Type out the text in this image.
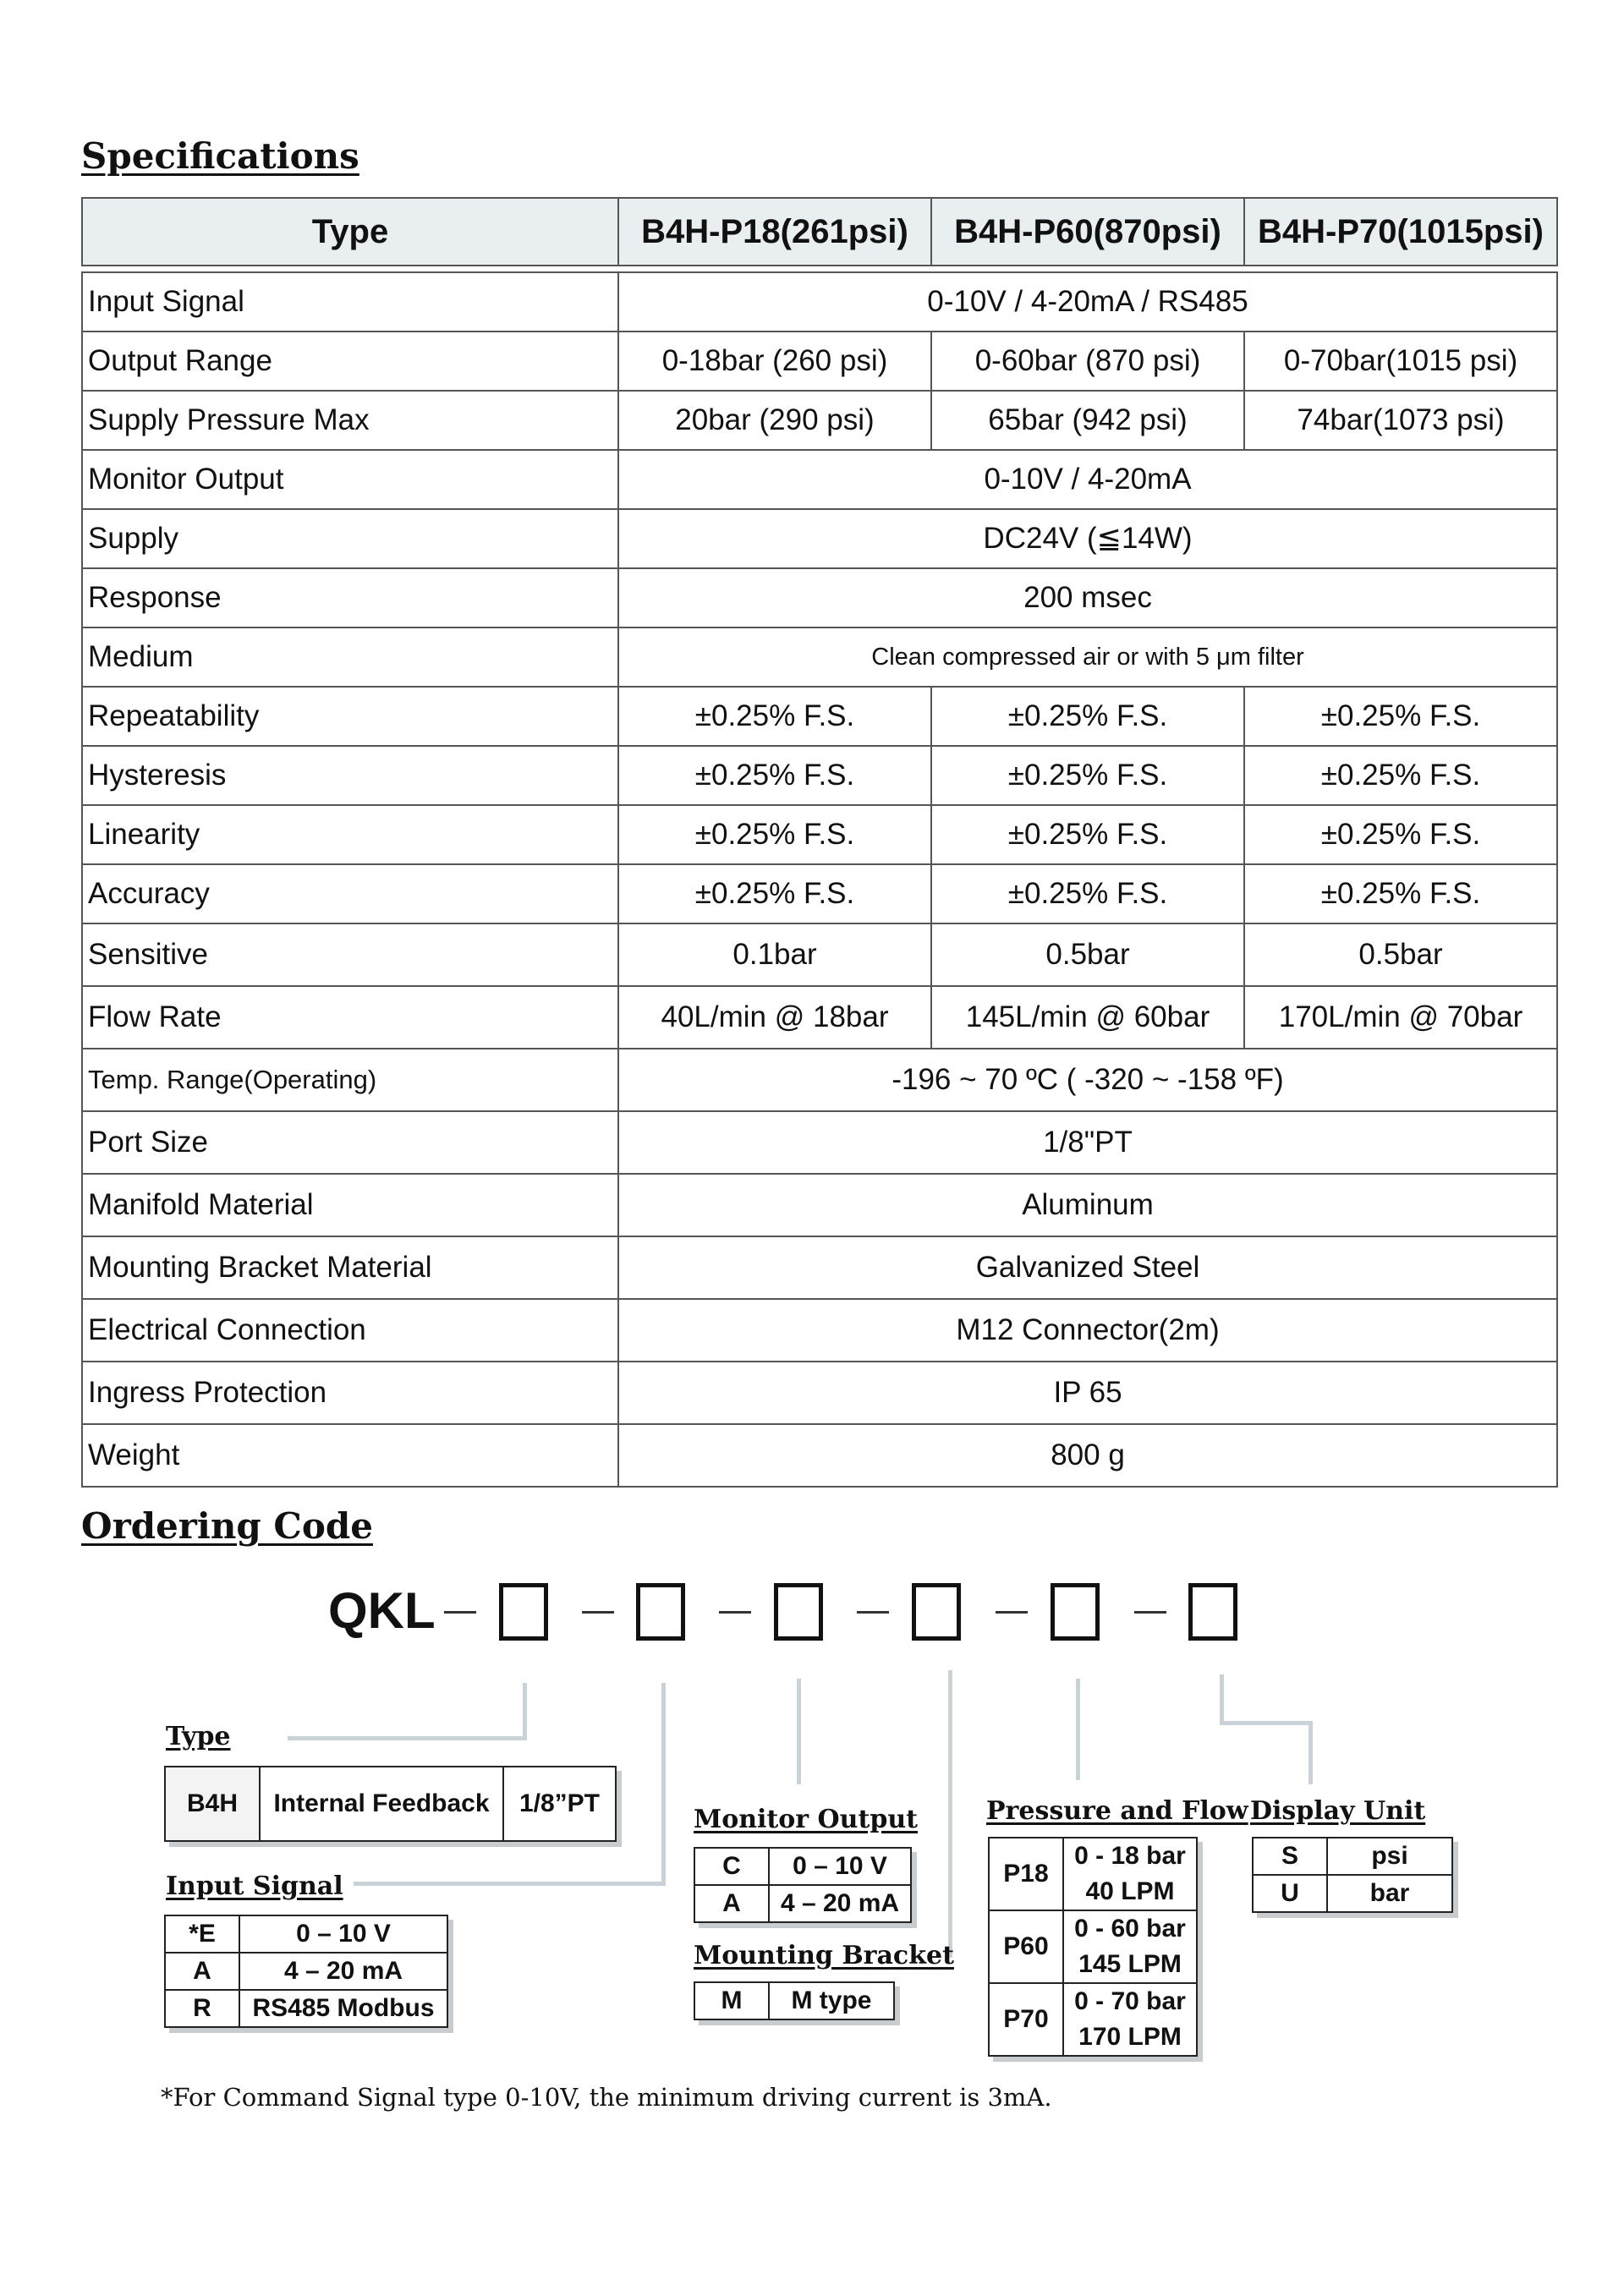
Specifications
Type	B4H-P18(261psi)	B4H-P60(870psi)	B4H-P70(1015psi)

Input Signal	0-10V / 4-20mA / RS485		
Output Range	0-18bar (260 psi)	0-60bar (870 psi)	0-70bar(1015 psi)
Supply Pressure Max	20bar (290 psi)	65bar (942 psi)	74bar(1073 psi)
Monitor Output	0-10V / 4-20mA		
Supply	DC24V (≦14W)		
Response	200 msec		
Medium	Clean compressed air or with 5 μm filter		
Repeatability	±0.25% F.S.	±0.25% F.S.	±0.25% F.S.
Hysteresis	±0.25% F.S.	±0.25% F.S.	±0.25% F.S.
Linearity	±0.25% F.S.	±0.25% F.S.	±0.25% F.S.
Accuracy	±0.25% F.S.	±0.25% F.S.	±0.25% F.S.
Sensitive	0.1bar	0.5bar	0.5bar
Flow Rate	40L/min @ 18bar	145L/min @ 60bar	170L/min @ 70bar
Temp. Range(Operating)	-196 ~ 70 ºC ( -320 ~ -158 ºF)		
Port Size	1/8"PT		
Manifold Material	Aluminum		
Mounting Bracket Material	Galvanized Steel		
Electrical Connection	M12 Connector(2m)		
Ingress Protection	IP 65		
Weight	800 g		
Ordering Code
QKL
Type
B4H	Internal Feedback	1/8”PT
Input Signal
*E	0 – 10 V
A	4 – 20 mA
R	RS485 Modbus
Monitor Output
C	0 – 10 V
A	4 – 20 mA
Mounting Bracket
M	M type
Pressure and Flow
P18	0 - 18 bar
40 LPM
P60	0 - 60 bar
145 LPM
P70	0 - 70 bar
170 LPM
Display Unit
S	psi
U	bar

*For Command Signal type 0-10V, the minimum driving current is 3mA.
